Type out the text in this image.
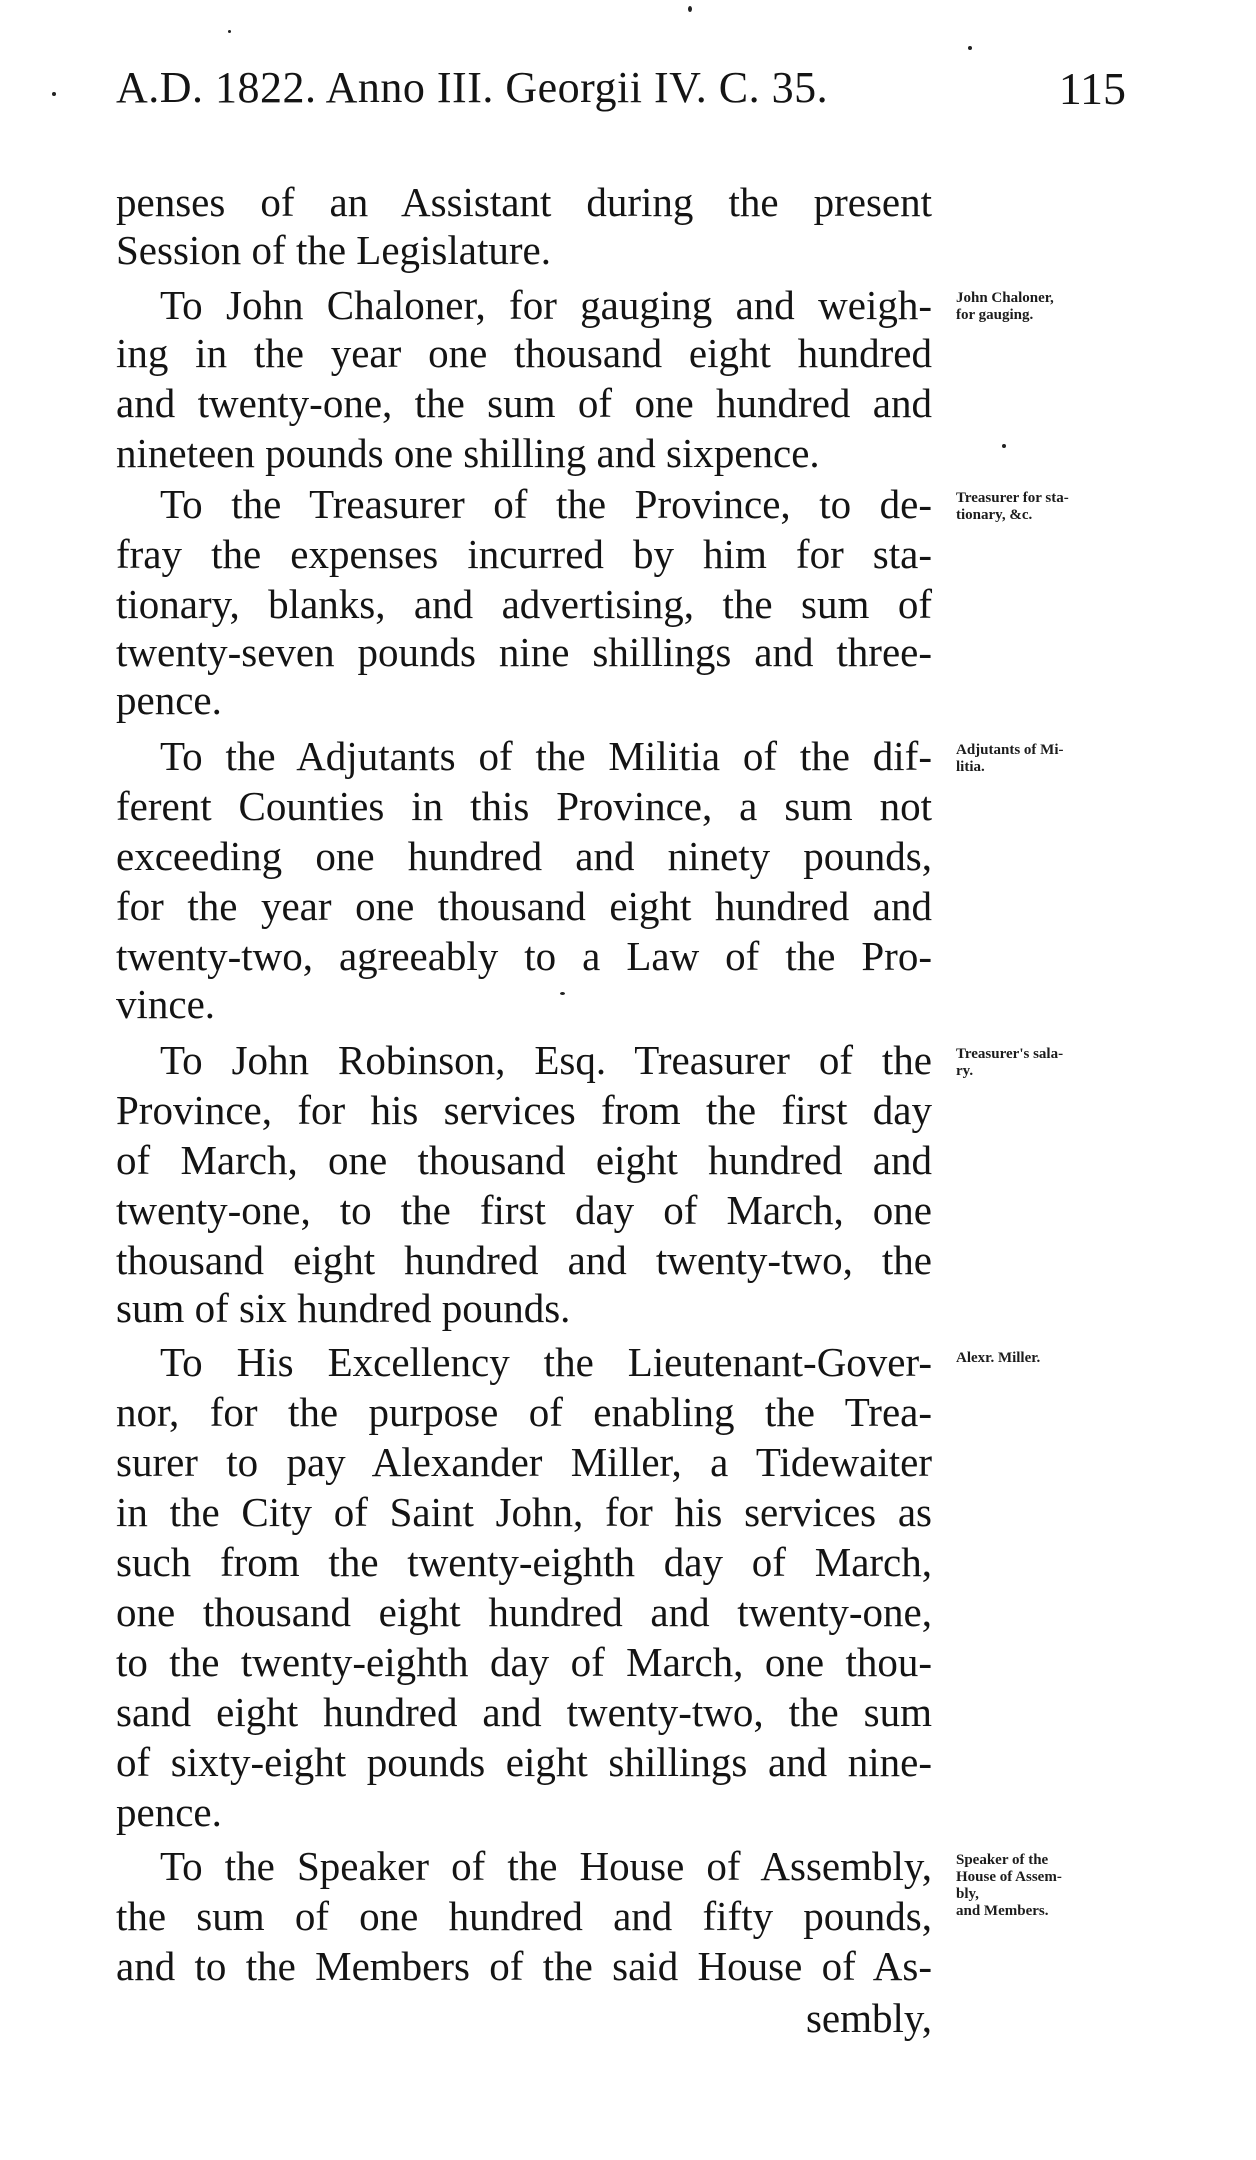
A.D. 1822. Anno III. Georgii IV. C. 35.	115
penses of an Assistant during the present
Session of the Legislature.
To John Chaloner, for gauging and weigh-
ing in the year one thousand eight hundred
and twenty-one, the sum of one hundred and
nineteen pounds one shilling and sixpence.
To the Treasurer of the Province, to de-
fray the expenses incurred by him for sta-
tionary, blanks, and advertising, the sum of
twenty-seven pounds nine shillings and three-
pence.
To the Adjutants of the Militia of the dif-
ferent Counties in this Province, a sum not
exceeding one hundred and ninety pounds,
for the year one thousand eight hundred and
twenty-two, agreeably to a Law of the Pro-
vince.
To John Robinson, Esq. Treasurer of the
Province, for his services from the first day
of March, one thousand eight hundred and
twenty-one, to the first day of March, one
thousand eight hundred and twenty-two, the
sum of six hundred pounds.
To His Excellency the Lieutenant-Gover-
nor, for the purpose of enabling the Trea-
surer to pay Alexander Miller, a Tidewaiter
in the City of Saint John, for his services as
such from the twenty-eighth day of March,
one thousand eight hundred and twenty-one,
to the twenty-eighth day of March, one thou-
sand eight hundred and twenty-two, the sum
of sixty-eight pounds eight shillings and nine-
pence.
To the Speaker of the House of Assembly,
the sum of one hundred and fifty pounds,
and to the Members of the said House of As-
sembly,
John Chaloner,
for gauging.
Treasurer for sta-
tionary, &c.
Adjutants of Mi-
litia.
Treasurer's sala-
ry.
Alexr. Miller.
Speaker of the
House of Assem-
bly,
and Members.
